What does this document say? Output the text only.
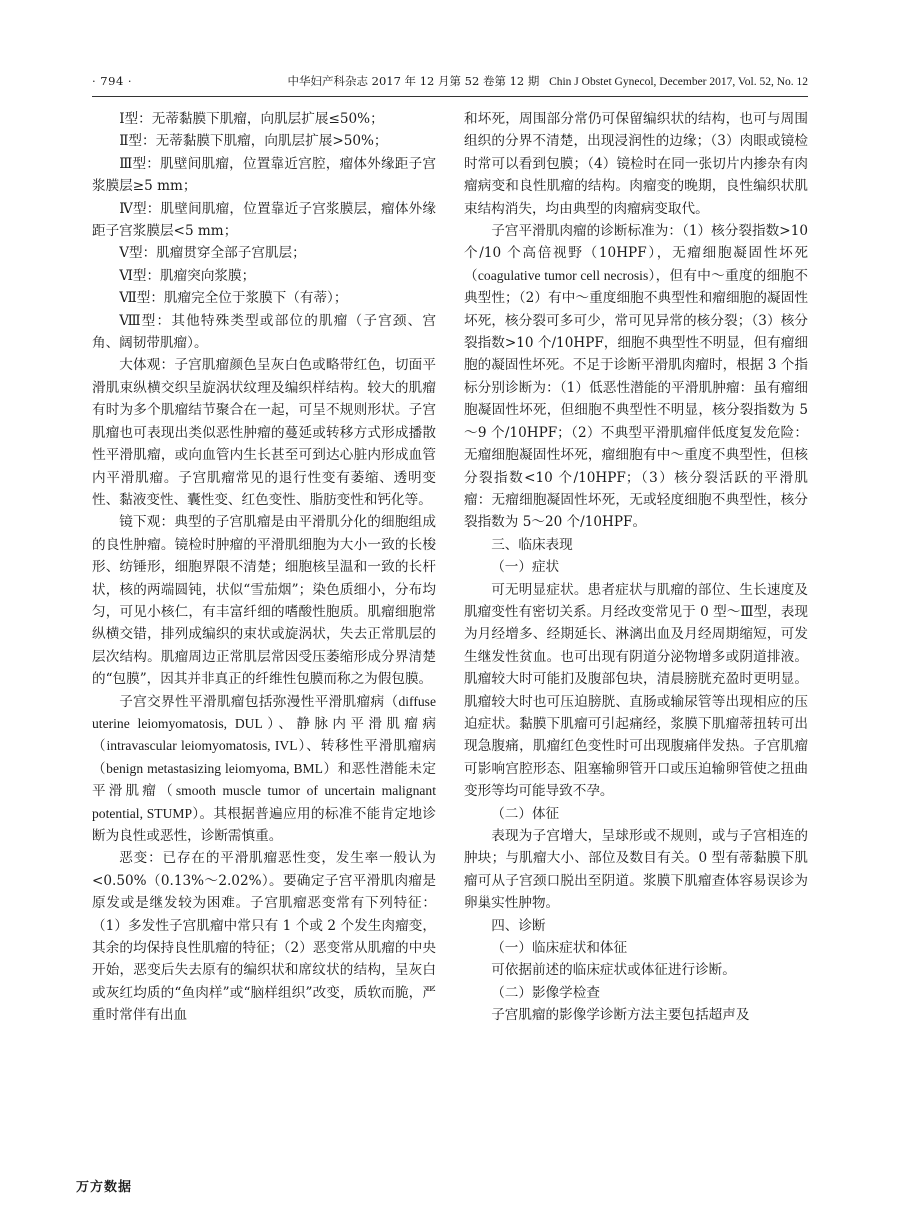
· 794 ·	中华妇产科杂志 2017 年 12 月第 52 卷第 12 期 Chin J Obstet Gynecol, December 2017, Vol. 52, No. 12

Ⅰ型：无蒂黏膜下肌瘤，向肌层扩展≤50%；

Ⅱ型：无蒂黏膜下肌瘤，向肌层扩展>50%；

Ⅲ型：肌壁间肌瘤，位置靠近宫腔，瘤体外缘距子宫浆膜层≥5 mm；

Ⅳ型：肌壁间肌瘤，位置靠近子宫浆膜层，瘤体外缘距子宫浆膜层<5 mm；

Ⅴ型：肌瘤贯穿全部子宫肌层；

Ⅵ型：肌瘤突向浆膜；

Ⅶ型：肌瘤完全位于浆膜下（有蒂）；

Ⅷ型：其他特殊类型或部位的肌瘤（子宫颈、宫角、阔韧带肌瘤）。

大体观：子宫肌瘤颜色呈灰白色或略带红色，切面平滑肌束纵横交织呈旋涡状纹理及编织样结构。较大的肌瘤有时为多个肌瘤结节聚合在一起，可呈不规则形状。子宫肌瘤也可表现出类似恶性肿瘤的蔓延或转移方式形成播散性平滑肌瘤，或向血管内生长甚至可到达心脏内形成血管内平滑肌瘤。子宫肌瘤常见的退行性变有萎缩、透明变性、黏液变性、囊性变、红色变性、脂肪变性和钙化等。

镜下观：典型的子宫肌瘤是由平滑肌分化的细胞组成的良性肿瘤。镜检时肿瘤的平滑肌细胞为大小一致的长梭形、纺锤形，细胞界限不清楚；细胞核呈温和一致的长杆状，核的两端圆钝，状似“雪茄烟”；染色质细小，分布均匀，可见小核仁，有丰富纤细的嗜酸性胞质。肌瘤细胞常纵横交错，排列成编织的束状或旋涡状，失去正常肌层的层次结构。肌瘤周边正常肌层常因受压萎缩形成分界清楚的“包膜”，因其并非真正的纤维性包膜而称之为假包膜。

子宫交界性平滑肌瘤包括弥漫性平滑肌瘤病（diffuse uterine leiomyomatosis, DUL）、静脉内平滑肌瘤病（intravascular leiomyomatosis, IVL）、转移性平滑肌瘤病（benign metastasizing leiomyoma, BML）和恶性潜能未定平滑肌瘤（smooth muscle tumor of uncertain malignant potential, STUMP）。其根据普遍应用的标准不能肯定地诊断为良性或恶性，诊断需慎重。

恶变：已存在的平滑肌瘤恶性变，发生率一般认为<0.50%（0.13%～2.02%）。要确定子宫平滑肌肉瘤是原发或是继发较为困难。子宫肌瘤恶变常有下列特征：（1）多发性子宫肌瘤中常只有 1 个或 2 个发生肉瘤变，其余的均保持良性肌瘤的特征；（2）恶变常从肌瘤的中央开始，恶变后失去原有的编织状和席纹状的结构，呈灰白或灰红均质的“鱼肉样”或“脑样组织”改变，质软而脆，严重时常伴有出血

和坏死，周围部分常仍可保留编织状的结构，也可与周围组织的分界不清楚，出现浸润性的边缘；（3）肉眼或镜检时常可以看到包膜；（4）镜检时在同一张切片内掺杂有肉瘤病变和良性肌瘤的结构。肉瘤变的晚期，良性编织状肌束结构消失，均由典型的肉瘤病变取代。

子宫平滑肌肉瘤的诊断标准为：（1）核分裂指数>10 个/10 个高倍视野（10HPF），无瘤细胞凝固性坏死（coagulative tumor cell necrosis），但有中～重度的细胞不典型性；（2）有中～重度细胞不典型性和瘤细胞的凝固性坏死，核分裂可多可少，常可见异常的核分裂；（3）核分裂指数>10 个/10HPF，细胞不典型性不明显，但有瘤细胞的凝固性坏死。不足于诊断平滑肌肉瘤时，根据 3 个指标分别诊断为：（1）低恶性潜能的平滑肌肿瘤：虽有瘤细胞凝固性坏死，但细胞不典型性不明显，核分裂指数为 5～9 个/10HPF；（2）不典型平滑肌瘤伴低度复发危险：无瘤细胞凝固性坏死，瘤细胞有中～重度不典型性，但核分裂指数<10 个/10HPF；（3）核分裂活跃的平滑肌瘤：无瘤细胞凝固性坏死，无或轻度细胞不典型性，核分裂指数为 5～20 个/10HPF。

三、临床表现

（一）症状

可无明显症状。患者症状与肌瘤的部位、生长速度及肌瘤变性有密切关系。月经改变常见于 0 型～Ⅲ型，表现为月经增多、经期延长、淋漓出血及月经周期缩短，可发生继发性贫血。也可出现有阴道分泌物增多或阴道排液。肌瘤较大时可能扪及腹部包块，清晨膀胱充盈时更明显。肌瘤较大时也可压迫膀胱、直肠或输尿管等出现相应的压迫症状。黏膜下肌瘤可引起痛经，浆膜下肌瘤蒂扭转可出现急腹痛，肌瘤红色变性时可出现腹痛伴发热。子宫肌瘤可影响宫腔形态、阻塞输卵管开口或压迫输卵管使之扭曲变形等均可能导致不孕。

（二）体征

表现为子宫增大，呈球形或不规则，或与子宫相连的肿块；与肌瘤大小、部位及数目有关。0 型有蒂黏膜下肌瘤可从子宫颈口脱出至阴道。浆膜下肌瘤查体容易误诊为卵巢实性肿物。

四、诊断

（一）临床症状和体征

可依据前述的临床症状或体征进行诊断。

（二）影像学检查

子宫肌瘤的影像学诊断方法主要包括超声及

万方数据
